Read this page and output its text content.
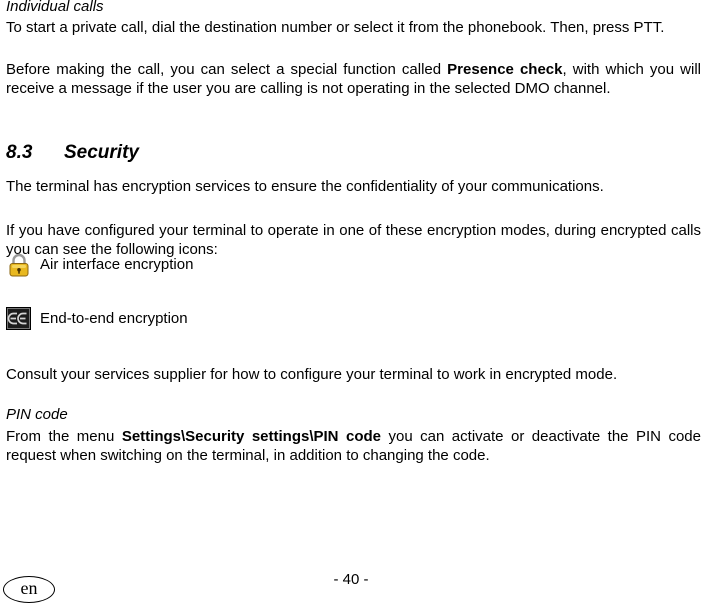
Individual calls

To start a private call, dial the destination number or select it from the phonebook. Then, press PTT.

Before making the call, you can select a special function called Presence check, with which you will receive a message if the user you are calling is not operating in the selected DMO channel.

8.3 Security

The terminal has encryption services to ensure the confidentiality of your communications.

If you have configured your terminal to operate in one of these encryption modes, during encrypted calls you can see the following icons:

Air interface encryption
End-to-end encryption

Consult your services supplier for how to configure your terminal to work in encrypted mode.

PIN code

From the menu Settings\Security settings\PIN code you can activate or deactivate the PIN code request when switching on the terminal, in addition to changing the code.

- 40 -
en
